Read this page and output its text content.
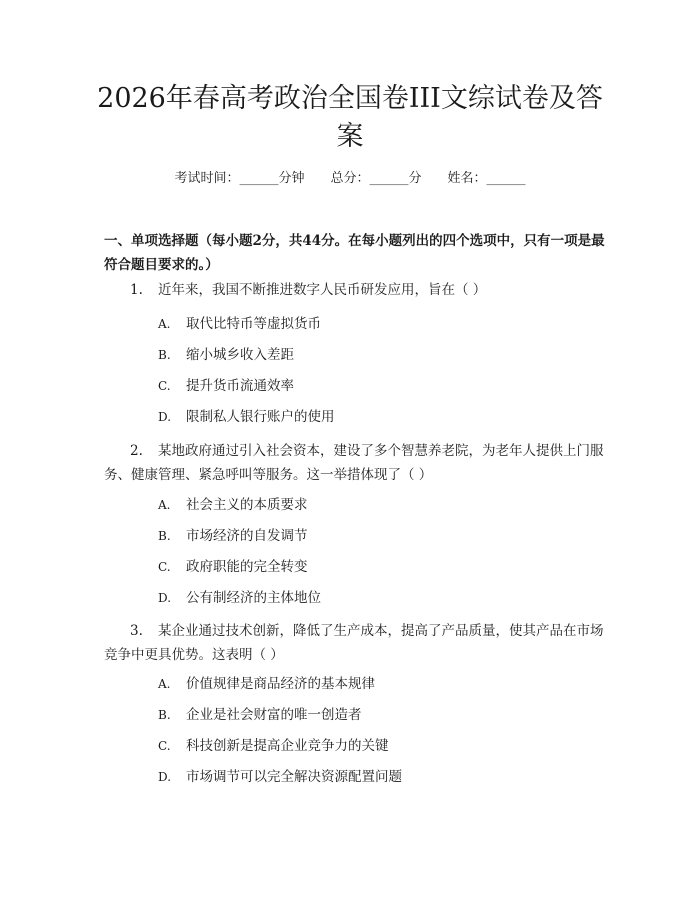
2026年春高考政治全国卷III文综试卷及答案
考试时间：______分钟 总分：______分 姓名：______

一、单项选择题（每小题2分，共44分。在每小题列出的四个选项中，只有一项是最符合题目要求的。）

1. 近年来，我国不断推进数字人民币研发应用，旨在（ ）

A. 取代比特币等虚拟货币
B. 缩小城乡收入差距
C. 提升货币流通效率
D. 限制私人银行账户的使用

2. 某地政府通过引入社会资本，建设了多个智慧养老院，为老年人提供上门服务、健康管理、紧急呼叫等服务。这一举措体现了（ ）

A. 社会主义的本质要求
B. 市场经济的自发调节
C. 政府职能的完全转变
D. 公有制经济的主体地位

3. 某企业通过技术创新，降低了生产成本，提高了产品质量，使其产品在市场竞争中更具优势。这表明（ ）

A. 价值规律是商品经济的基本规律
B. 企业是社会财富的唯一创造者
C. 科技创新是提高企业竞争力的关键
D. 市场调节可以完全解决资源配置问题
